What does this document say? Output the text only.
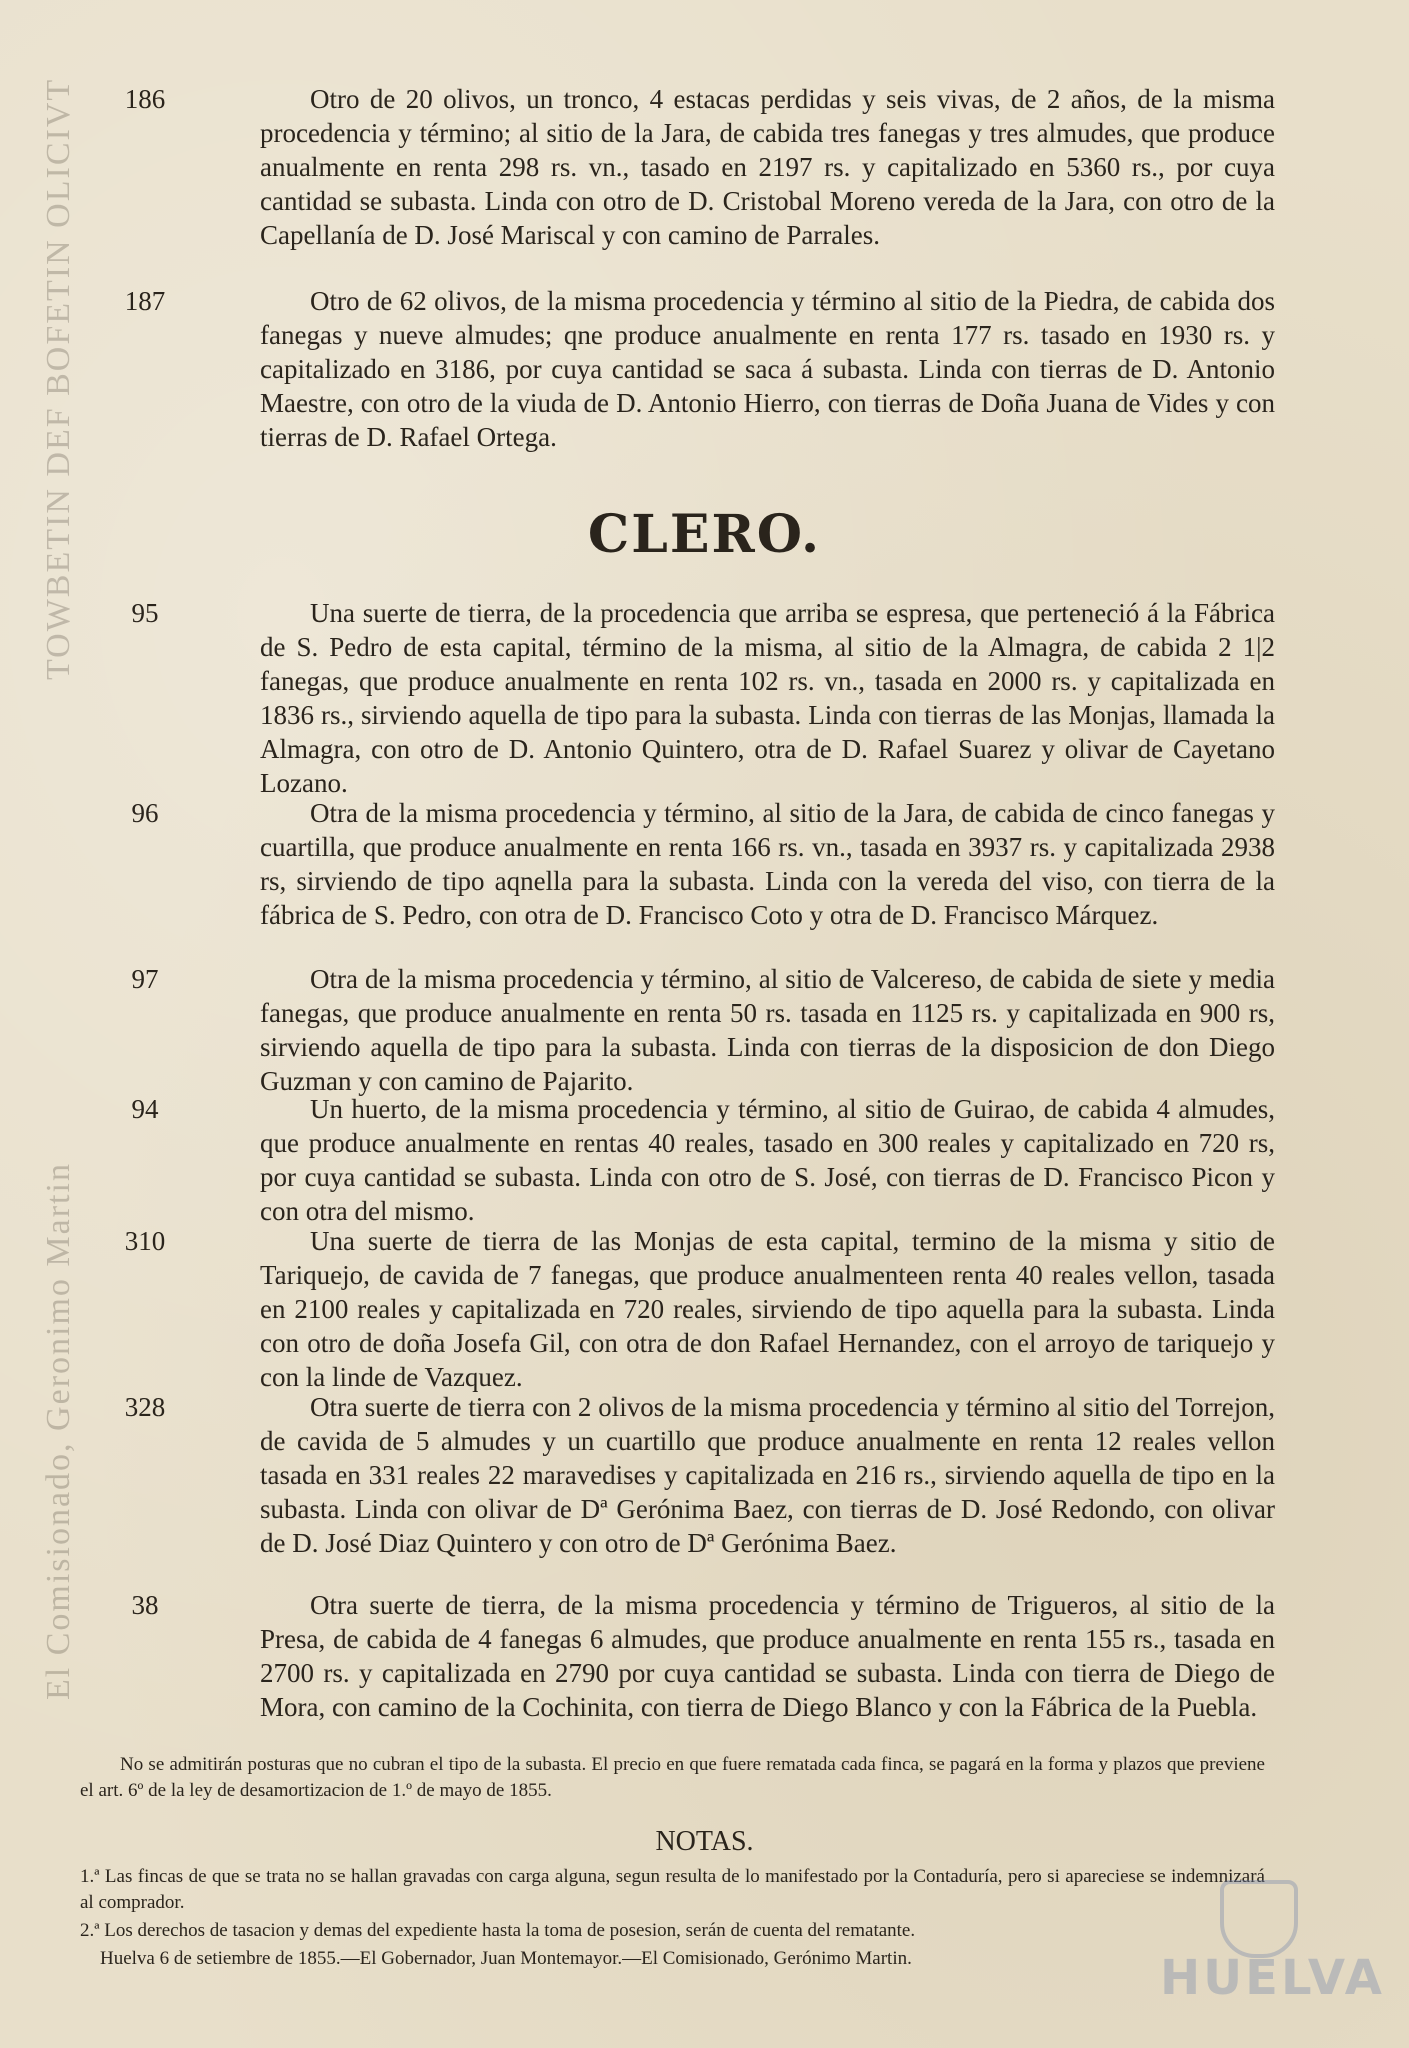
TOWBETIN DEF BOFETIN OLICIVT
El Comisionado, Geronimo Martin
186	Otro de 20 olivos, un tronco, 4 estacas perdidas y seis vivas, de 2 años, de la misma procedencia y término; al sitio de la Jara, de cabida tres fanegas y tres almudes, que produce anualmente en renta 298 rs. vn., tasado en 2197 rs. y capitalizado en 5360 rs., por cuya cantidad se subasta. Linda con otro de D. Cristobal Moreno vereda de la Jara, con otro de la Capellanía de D. José Mariscal y con camino de Parrales.
187	Otro de 62 olivos, de la misma procedencia y término al sitio de la Piedra, de cabida dos fanegas y nueve almudes; qne produce anualmente en renta 177 rs. tasado en 1930 rs. y capitalizado en 3186, por cuya cantidad se saca á subasta. Linda con tierras de D. Antonio Maestre, con otro de la viuda de D. Antonio Hierro, con tierras de Doña Juana de Vides y con tierras de D. Rafael Ortega.
CLERO.
95	Una suerte de tierra, de la procedencia que arriba se espresa, que perteneció á la Fábrica de S. Pedro de esta capital, término de la misma, al sitio de la Almagra, de cabida 2 1|2 fanegas, que produce anualmente en renta 102 rs. vn., tasada en 2000 rs. y capitalizada en 1836 rs., sirviendo aquella de tipo para la subasta. Linda con tierras de las Monjas, llamada la Almagra, con otro de D. Antonio Quintero, otra de D. Rafael Suarez y olivar de Cayetano Lozano.
96	Otra de la misma procedencia y término, al sitio de la Jara, de cabida de cinco fanegas y cuartilla, que produce anualmente en renta 166 rs. vn., tasada en 3937 rs. y capitalizada 2938 rs, sirviendo de tipo aqnella para la subasta. Linda con la vereda del viso, con tierra de la fábrica de S. Pedro, con otra de D. Francisco Coto y otra de D. Francisco Márquez.
97	Otra de la misma procedencia y término, al sitio de Valcereso, de cabida de siete y media fanegas, que produce anualmente en renta 50 rs. tasada en 1125 rs. y capitalizada en 900 rs, sirviendo aquella de tipo para la subasta. Linda con tierras de la disposicion de don Diego Guzman y con camino de Pajarito.
94	Un huerto, de la misma procedencia y término, al sitio de Guirao, de cabida 4 almudes, que produce anualmente en rentas 40 reales, tasado en 300 reales y capitalizado en 720 rs, por cuya cantidad se subasta. Linda con otro de S. José, con tierras de D. Francisco Picon y con otra del mismo.
310	Una suerte de tierra de las Monjas de esta capital, termino de la misma y sitio de Tariquejo, de cavida de 7 fanegas, que produce anualmenteen renta 40 reales vellon, tasada en 2100 reales y capitalizada en 720 reales, sirviendo de tipo aquella para la subasta. Linda con otro de doña Josefa Gil, con otra de don Rafael Hernandez, con el arroyo de tariquejo y con la linde de Vazquez.
328	Otra suerte de tierra con 2 olivos de la misma procedencia y término al sitio del Torrejon, de cavida de 5 almudes y un cuartillo que produce anualmente en renta 12 reales vellon tasada en 331 reales 22 maravedises y capitalizada en 216 rs., sirviendo aquella de tipo en la subasta. Linda con olivar de Dª Gerónima Baez, con tierras de D. José Redondo, con olivar de D. José Diaz Quintero y con otro de Dª Gerónima Baez.
38	Otra suerte de tierra, de la misma procedencia y término de Trigueros, al sitio de la Presa, de cabida de 4 fanegas 6 almudes, que produce anualmente en renta 155 rs., tasada en 2700 rs. y capitalizada en 2790 por cuya cantidad se subasta. Linda con tierra de Diego de Mora, con camino de la Cochinita, con tierra de Diego Blanco y con la Fábrica de la Puebla.
No se admitirán posturas que no cubran el tipo de la subasta. El precio en que fuere rematada cada finca, se pagará en la forma y plazos que previene el art. 6º de la ley de desamortizacion de 1.º de mayo de 1855.
NOTAS.
1.ª Las fincas de que se trata no se hallan gravadas con carga alguna, segun resulta de lo manifestado por la Contaduría, pero si apareciese se indemnizará al comprador.
2.ª Los derechos de tasacion y demas del expediente hasta la toma de posesion, serán de cuenta del rematante.
Huelva 6 de setiembre de 1855.—El Gobernador, Juan Montemayor.—El Comisionado, Gerónimo Martin.	HUELVA
